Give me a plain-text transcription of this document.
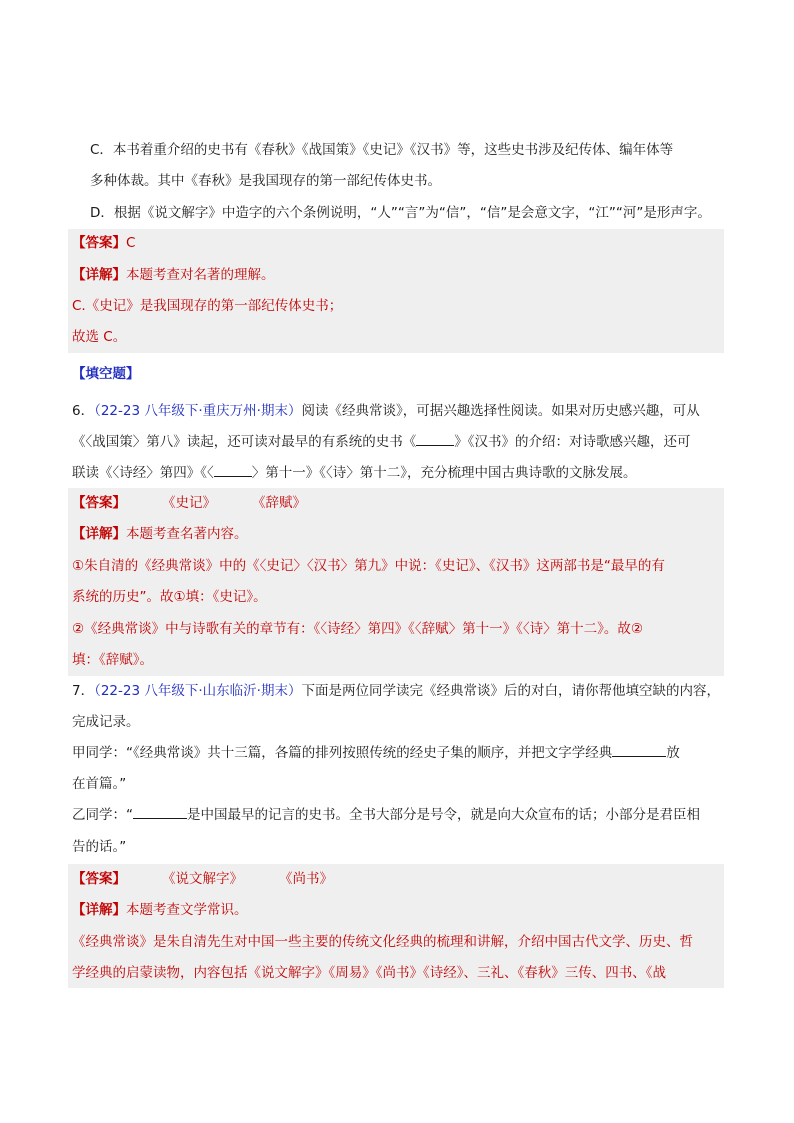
C．本书着重介绍的史书有《春秋》《战国策》《史记》《汉书》等，这些史书涉及纪传体、编年体等
多种体裁。其中《春秋》是我国现存的第一部纪传体史书。
D．根据《说文解字》中造字的六个条例说明，“人”“言”为“信”，“信”是会意文字，“江”“河”是形声字。
【答案】C
【详解】本题考查对名著的理解。
C.《史记》是我国现存的第一部纪传体史书；
故选 C。
【填空题】
6．（22-23 八年级下·重庆万州·期末）阅读《经典常谈》，可据兴趣选择性阅读。如果对历史感兴趣，可从
《〈战国策〉第八》读起，还可读对最早的有系统的史书《	》《汉书》的介绍：对诗歌感兴趣，还可
联读《〈诗经〉第四》《〈	〉第十一》《〈诗〉第十二》，充分梳理中国古典诗歌的文脉发展。
【答案】	《史记》	《辞赋》
【详解】本题考查名著内容。
①朱自清的《经典常谈》中的《〈史记〉〈汉书〉第九》中说：《史记》、《汉书》这两部书是“最早的有
系统的历史”。故①填：《史记》。
②《经典常谈》中与诗歌有关的章节有：《〈诗经〉第四》《〈辞赋〉第十一》《〈诗〉第十二》。故②
填：《辞赋》。
7．（22-23 八年级下·山东临沂·期末）下面是两位同学读完《经典常谈》后的对白，请你帮他填空缺的内容，
完成记录。
甲同学：“《经典常谈》共十三篇，各篇的排列按照传统的经史子集的顺序，并把文字学经典	放
在首篇。”
乙同学：“	是中国最早的记言的史书。全书大部分是号令，就是向大众宣布的话；小部分是君臣相
告的话。”
【答案】	《说文解字》	《尚书》
【详解】本题考查文学常识。
《经典常谈》是朱自清先生对中国一些主要的传统文化经典的梳理和讲解，介绍中国古代文学、历史、哲
学经典的启蒙读物，内容包括《说文解字》《周易》《尚书》《诗经》、三礼、《春秋》三传、四书、《战
